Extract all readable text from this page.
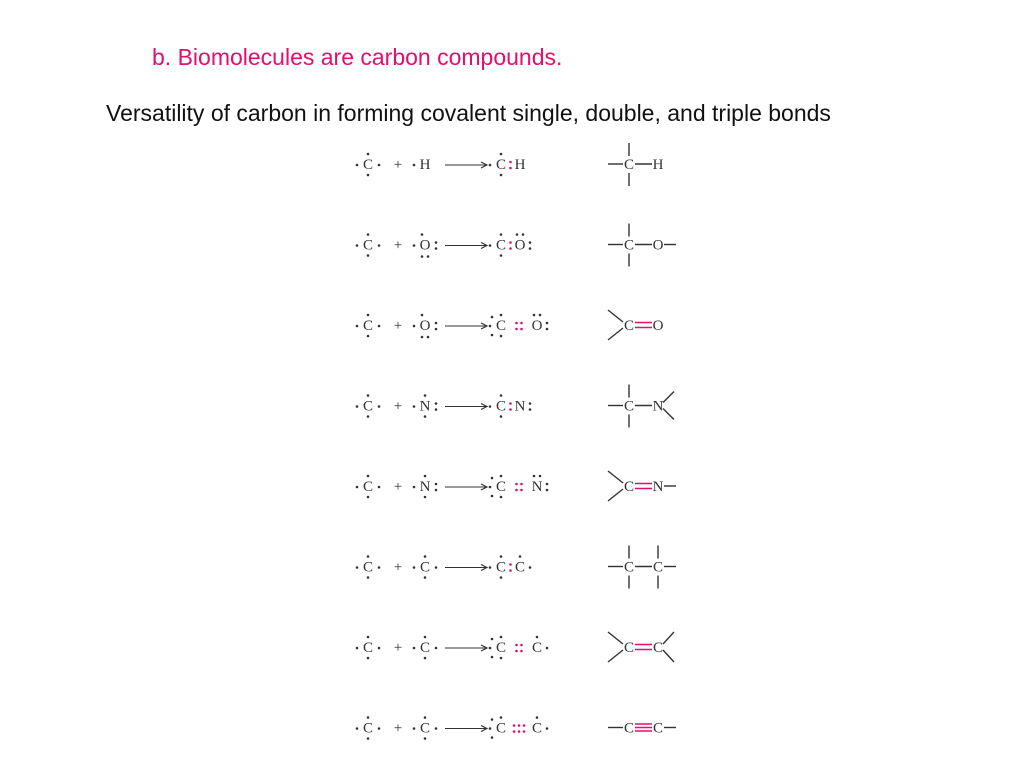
b. Biomolecules are carbon compounds.
Versatility of carbon in forming covalent single, double, and triple bonds
C + H	C H	C H
C + O	C O	C O
C + O	C O	C O
C + N	C N	C N
C + N	C N	C N
C + C	C C	C C
C + C	C C	C C
C + C	C C	C C
